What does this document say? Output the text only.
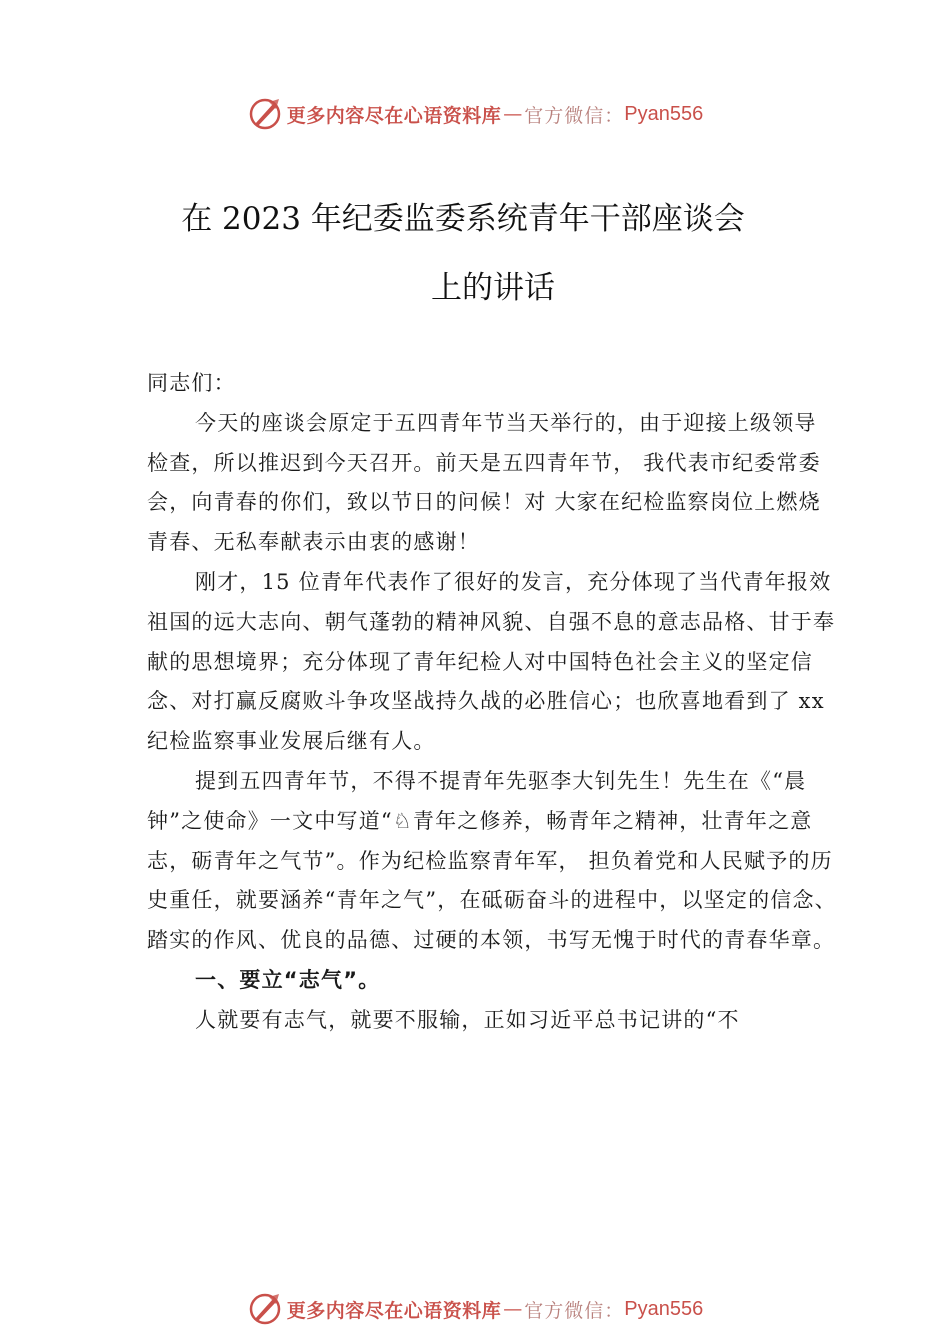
更多内容尽在心语资料库 — 官方微信： Pyan556
在 2023 年纪委监委系统青年干部座谈会
上的讲话

同志们：

今天的座谈会原定于五四青年节当天举行的，由于迎接上级领导检查，所以推迟到今天召开。前天是五四青年节， 我代表市纪委常委会，向青春的你们，致以节日的问候！对 大家在纪检监察岗位上燃烧青春、无私奉献表示由衷的感谢！

刚才，15 位青年代表作了很好的发言，充分体现了当代青年报效祖国的远大志向、朝气蓬勃的精神风貌、自强不息的意志品格、甘于奉献的思想境界；充分体现了青年纪检人对中国特色社会主义的坚定信念、对打赢反腐败斗争攻坚战持久战的必胜信心；也欣喜地看到了 xx 纪检监察事业发展后继有人。

提到五四青年节，不得不提青年先驱李大钊先生！先生在《“晨钟”之使命》一文中写道“♘青年之修养，畅青年之精神，壮青年之意志，砺青年之气节”。作为纪检监察青年军， 担负着党和人民赋予的历史重任，就要涵养“青年之气”，在砥砺奋斗的进程中，以坚定的信念、踏实的作风、优良的品德、过硬的本领，书写无愧于时代的青春华章。

一、要立“志气”。

人就要有志气，就要不服输，正如习近平总书记讲的“不

更多内容尽在心语资料库 — 官方微信： Pyan556
